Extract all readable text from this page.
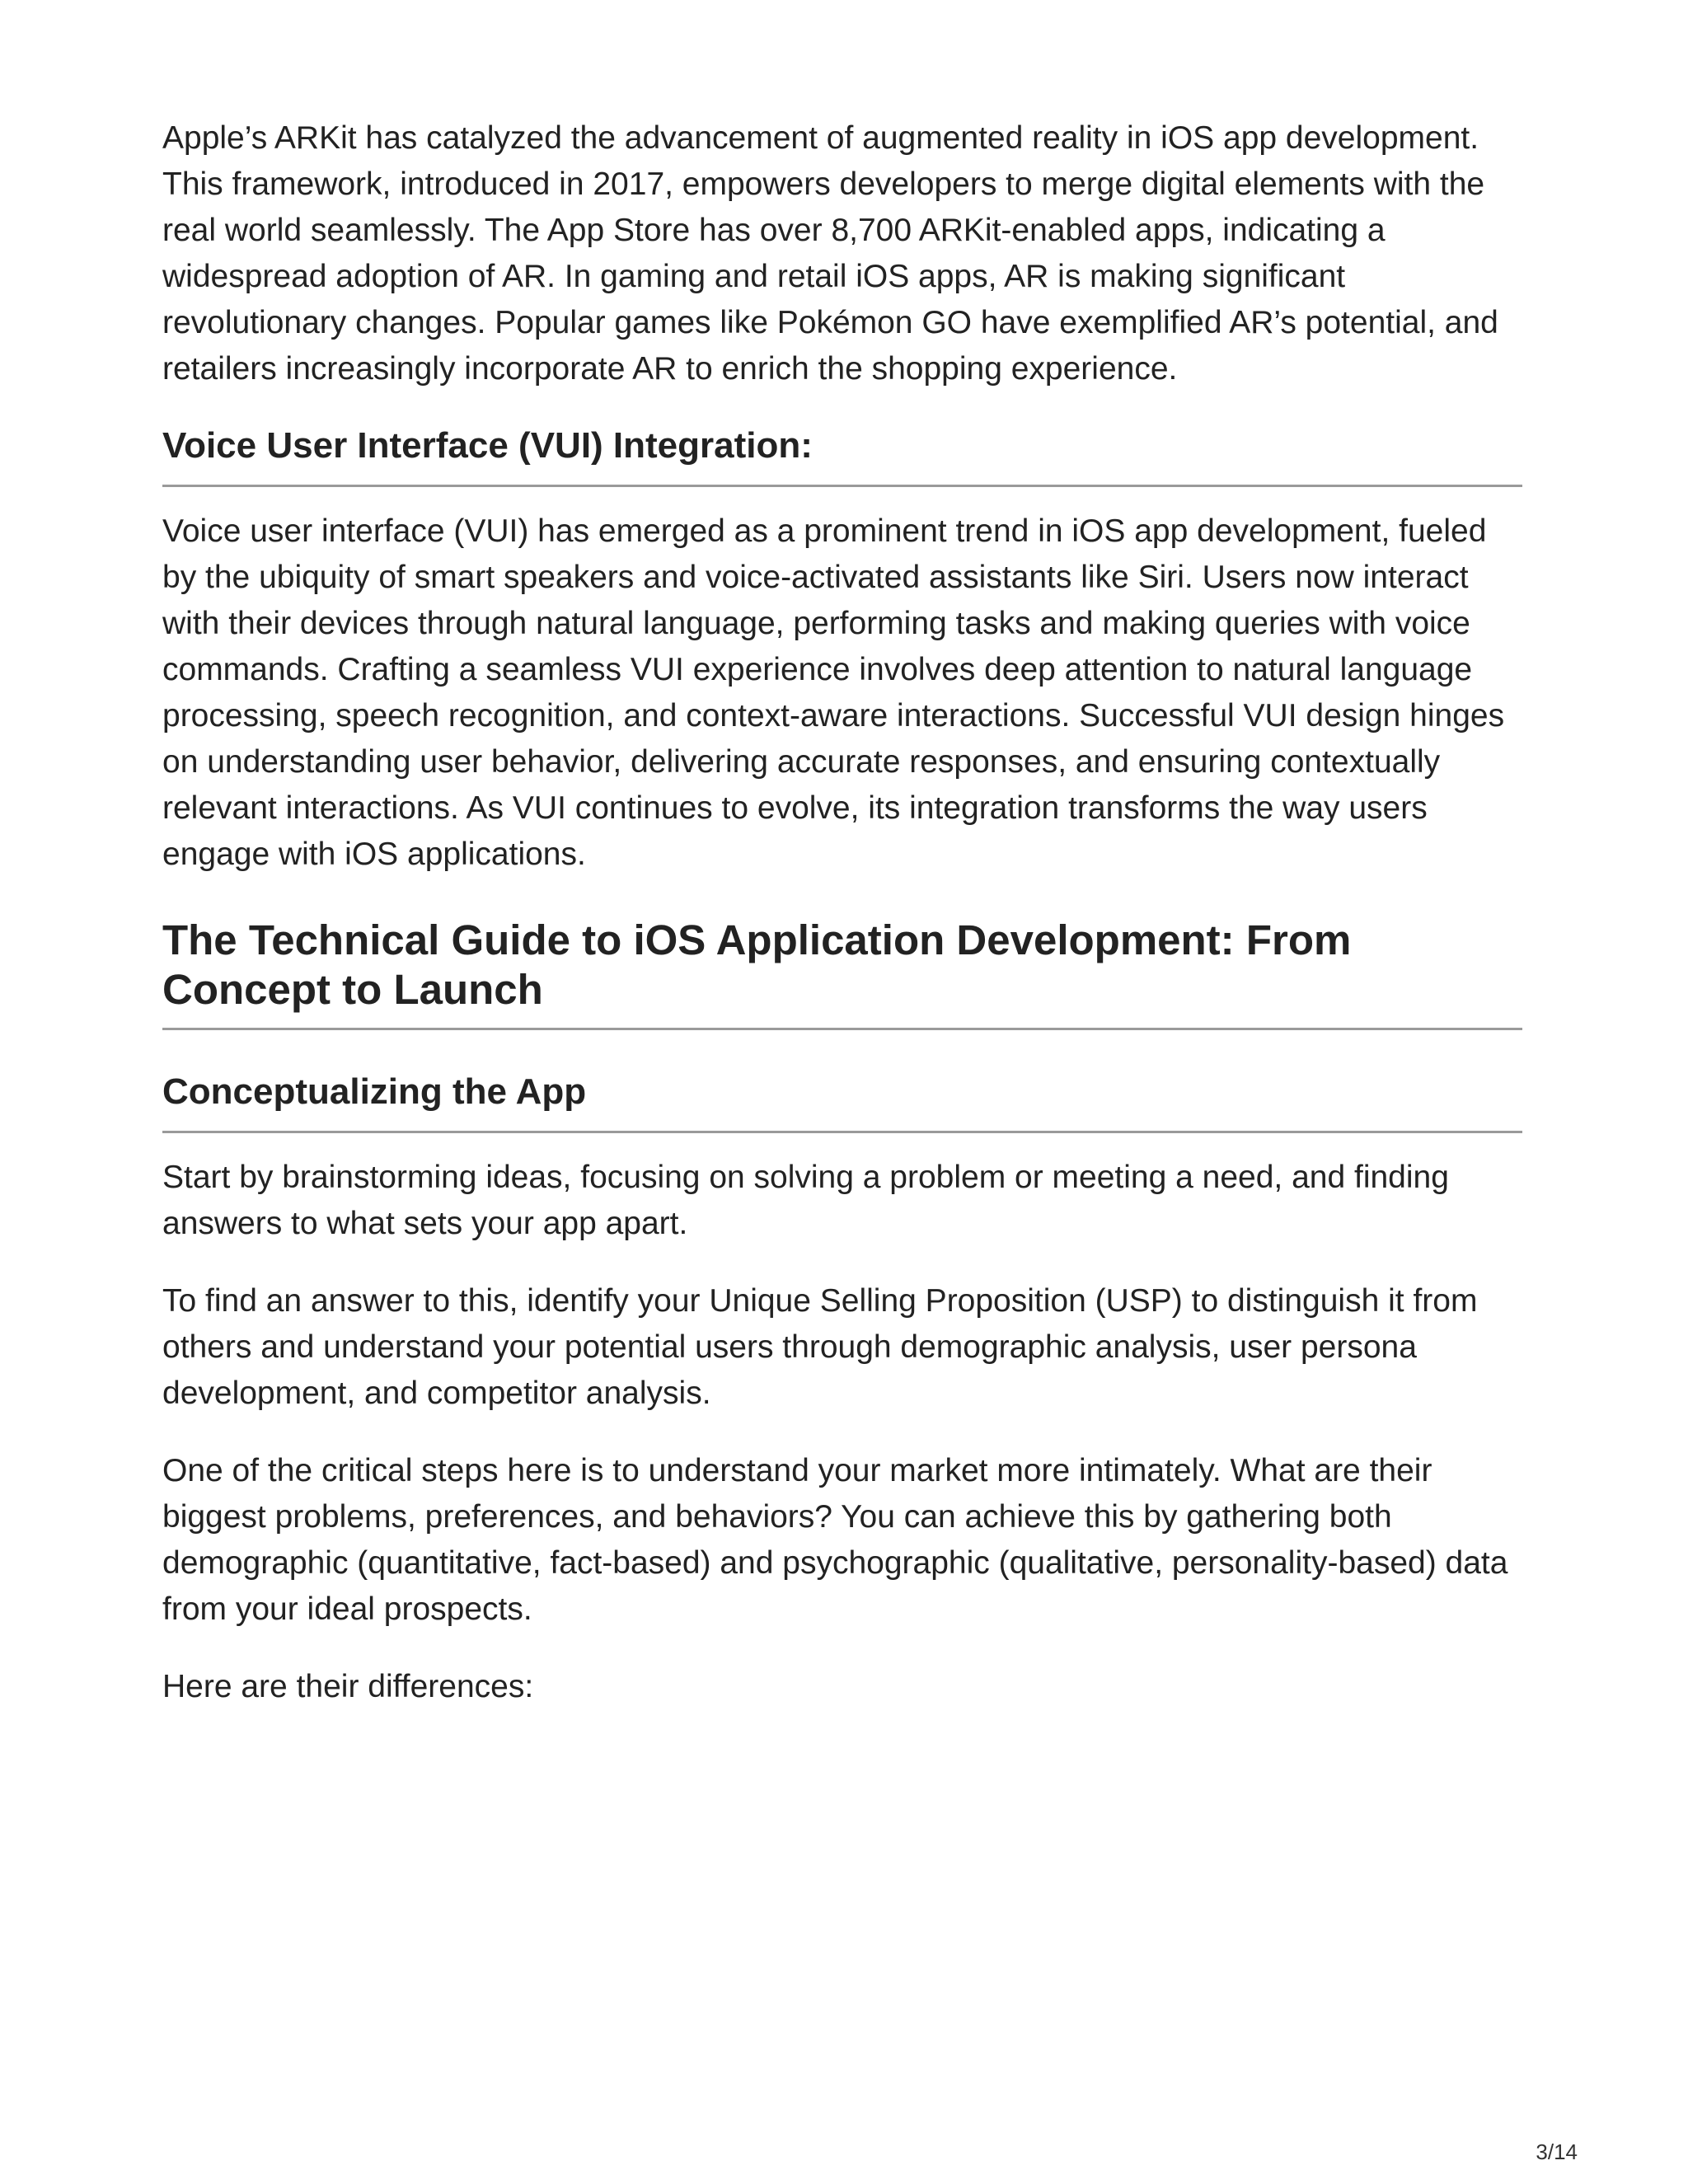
Apple’s ARKit has catalyzed the advancement of augmented reality in iOS app development. This framework, introduced in 2017, empowers developers to merge digital elements with the real world seamlessly. The App Store has over 8,700 ARKit-enabled apps, indicating a widespread adoption of AR. In gaming and retail iOS apps, AR is making significant revolutionary changes. Popular games like Pokémon GO have exemplified AR’s potential, and retailers increasingly incorporate AR to enrich the shopping experience.

Voice User Interface (VUI) Integration:

Voice user interface (VUI) has emerged as a prominent trend in iOS app development, fueled by the ubiquity of smart speakers and voice-activated assistants like Siri. Users now interact with their devices through natural language, performing tasks and making queries with voice commands. Crafting a seamless VUI experience involves deep attention to natural language processing, speech recognition, and context-aware interactions. Successful VUI design hinges on understanding user behavior, delivering accurate responses, and ensuring contextually relevant interactions. As VUI continues to evolve, its integration transforms the way users engage with iOS applications.

The Technical Guide to iOS Application Development: From Concept to Launch
Conceptualizing the App

Start by brainstorming ideas, focusing on solving a problem or meeting a need, and finding answers to what sets your app apart.

To find an answer to this, identify your Unique Selling Proposition (USP) to distinguish it from others and understand your potential users through demographic analysis, user persona development, and competitor analysis.

One of the critical steps here is to understand your market more intimately. What are their biggest problems, preferences, and behaviors? You can achieve this by gathering both demographic (quantitative, fact-based) and psychographic (qualitative, personality-based) data from your ideal prospects.

Here are their differences:

3/14
